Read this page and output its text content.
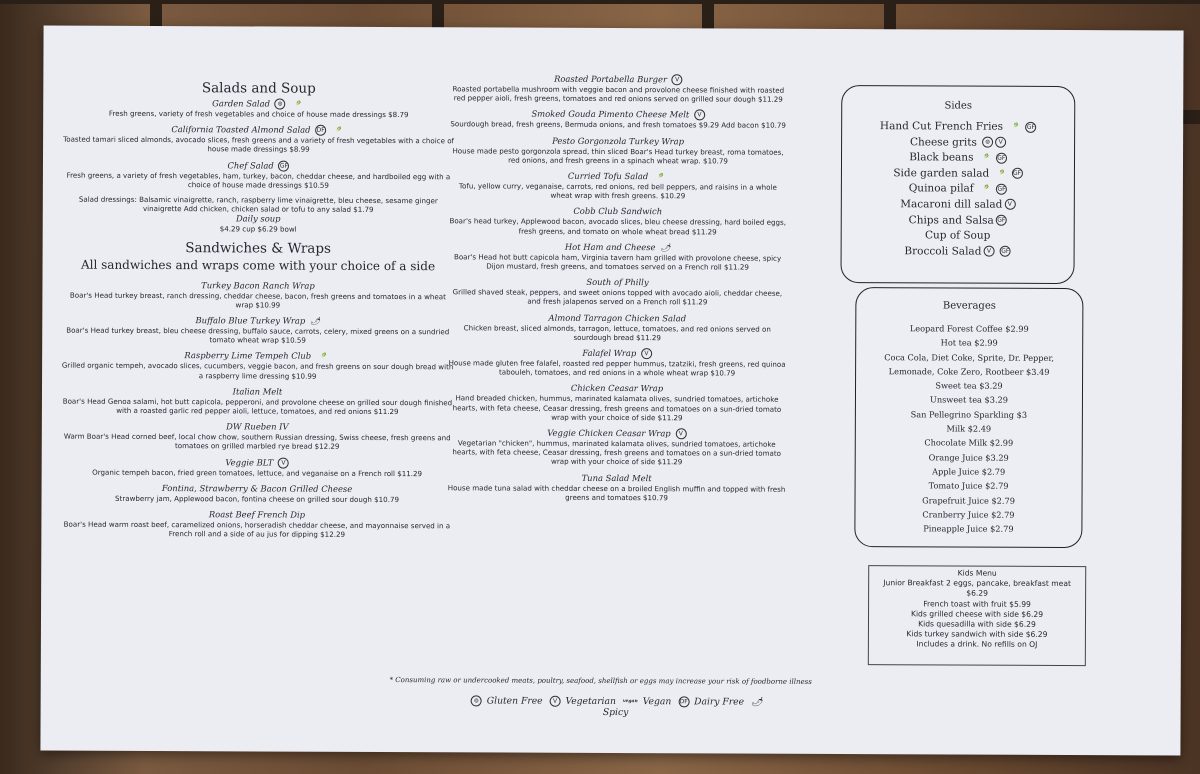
Salads and Soup
Garden Salad ⊚	🥬
Fresh greens, variety of fresh vegetables and choice of house made dressings $8.79
California Toasted Almond Salad DF 🥬
Toasted tamari sliced almonds, avocado slices, fresh greens and a variety of fresh vegetables with a choice of house made dressings $8.99
Chef Salad GF
Fresh greens, a variety of fresh vegetables, ham, turkey, bacon, cheddar cheese, and hardboiled egg with a choice of house made dressings $10.59
Salad dressings: Balsamic vinaigrette, ranch, raspberry lime vinaigrette, bleu cheese, sesame ginger vinaigrette Add chicken, chicken salad or tofu to any salad $1.79
Daily soup
$4.29 cup $6.29 bowl
Sandwiches & Wraps
All sandwiches and wraps come with your choice of a side
Turkey Bacon Ranch Wrap
Boar's Head turkey breast, ranch dressing, cheddar cheese, bacon, fresh greens and tomatoes in a wheat wrap $10.99
Buffalo Blue Turkey Wrap 🌶
Boar's Head turkey breast, bleu cheese dressing, buffalo sauce, carrots, celery, mixed greens on a sundried tomato wheat wrap $10.59
Raspberry Lime Tempeh Club 🥬
Grilled organic tempeh, avocado slices, cucumbers, veggie bacon, and fresh greens on sour dough bread with a raspberry lime dressing $10.99
Italian Melt
Boar's Head Genoa salami, hot butt capicola, pepperoni, and provolone cheese on grilled sour dough finished with a roasted garlic red pepper aioli, lettuce, tomatoes, and red onions $11.29
DW Rueben IV
Warm Boar's Head corned beef, local chow chow, southern Russian dressing, Swiss cheese, fresh greens and tomatoes on grilled marbled rye bread $12.29
Veggie BLT V
Organic tempeh bacon, fried green tomatoes, lettuce, and veganaise on a French roll $11.29
Fontina, Strawberry & Bacon Grilled Cheese
Strawberry jam, Applewood bacon, fontina cheese on grilled sour dough $10.79
Roast Beef French Dip
Boar's Head warm roast beef, caramelized onions, horseradish cheddar cheese, and mayonnaise served in a French roll and a side of au jus for dipping $12.29
Roasted Portabella Burger V
Roasted portabella mushroom with veggie bacon and provolone cheese finished with roasted red pepper aioli, fresh greens, tomatoes and red onions served on grilled sour dough $11.29
Smoked Gouda Pimento Cheese Melt V
Sourdough bread, fresh greens, Bermuda onions, and fresh tomatoes $9.29 Add bacon $10.79
Pesto Gorgonzola Turkey Wrap
House made pesto gorgonzola spread, thin sliced Boar's Head turkey breast, roma tomatoes, red onions, and fresh greens in a spinach wheat wrap. $10.79
Curried Tofu Salad 🥬
Tofu, yellow curry, veganaise, carrots, red onions, red bell peppers, and raisins in a whole wheat wrap with fresh greens. $10.29
Cobb Club Sandwich
Boar's head turkey, Applewood bacon, avocado slices, bleu cheese dressing, hard boiled eggs, fresh greens, and tomato on whole wheat bread $11.29
Hot Ham and Cheese 🌶
Boar's Head hot butt capicola ham, Virginia tavern ham grilled with provolone cheese, spicy Dijon mustard, fresh greens, and tomatoes served on a French roll $11.29
South of Philly
Grilled shaved steak, peppers, and sweet onions topped with avocado aioli, cheddar cheese, and fresh jalapenos served on a French roll $11.29
Almond Tarragon Chicken Salad
Chicken breast, sliced almonds, tarragon, lettuce, tomatoes, and red onions served on sourdough bread $11.29
Falafel Wrap V
House made gluten free falafel, roasted red pepper hummus, tzatziki, fresh greens, red quinoa tabouleh, tomatoes, and red onions in a whole wheat wrap $10.79
Chicken Ceasar Wrap
Hand breaded chicken, hummus, marinated kalamata olives, sundried tomatoes, artichoke hearts, with feta cheese, Ceasar dressing, fresh greens and tomatoes on a sun-dried tomato wrap with your choice of side $11.29
Veggie Chicken Ceasar Wrap V
Vegetarian "chicken", hummus, marinated kalamata olives, sundried tomatoes, artichoke hearts, with feta cheese, Ceasar dressing, fresh greens and tomatoes on a sun-dried tomato wrap with your choice of side $11.29
Tuna Salad Melt
House made tuna salad with cheddar cheese on a broiled English muffin and topped with fresh greens and tomatoes $10.79
Sides
Hand Cut French Fries 🥬 GF
Cheese grits ⊚ V
Black beans 🥬 GF
Side garden salad 🥬 GF
Quinoa pilaf 🥬 GF
Macaroni dill salad V
Chips and Salsa GF
Cup of Soup
Broccoli Salad V GF
Beverages
Leopard Forest Coffee $2.99
Hot tea $2.99
Coca Cola, Diet Coke, Sprite, Dr. Pepper,
Lemonade, Coke Zero, Rootbeer $3.49
Sweet tea $3.29
Unsweet tea $3.29
San Pellegrino Sparkling $3
Milk $2.49
Chocolate Milk $2.99
Orange Juice $3.29
Apple Juice $2.79
Tomato Juice $2.79
Grapefruit Juice $2.79
Cranberry Juice $2.79
Pineapple Juice $2.79
Kids Menu
Junior Breakfast 2 eggs, pancake, breakfast meat
$6.29
French toast with fruit $5.99
Kids grilled cheese with side $6.29
Kids quesadilla with side $6.29
Kids turkey sandwich with side $6.29
Includes a drink. No refills on OJ
* Consuming raw or undercooked meats, poultry, seafood, shellfish or eggs may increase your risk of foodborne illness
⊚ Gluten Free V Vegetarian vegan Vegan DF Dairy Free 🌶 Spicy
